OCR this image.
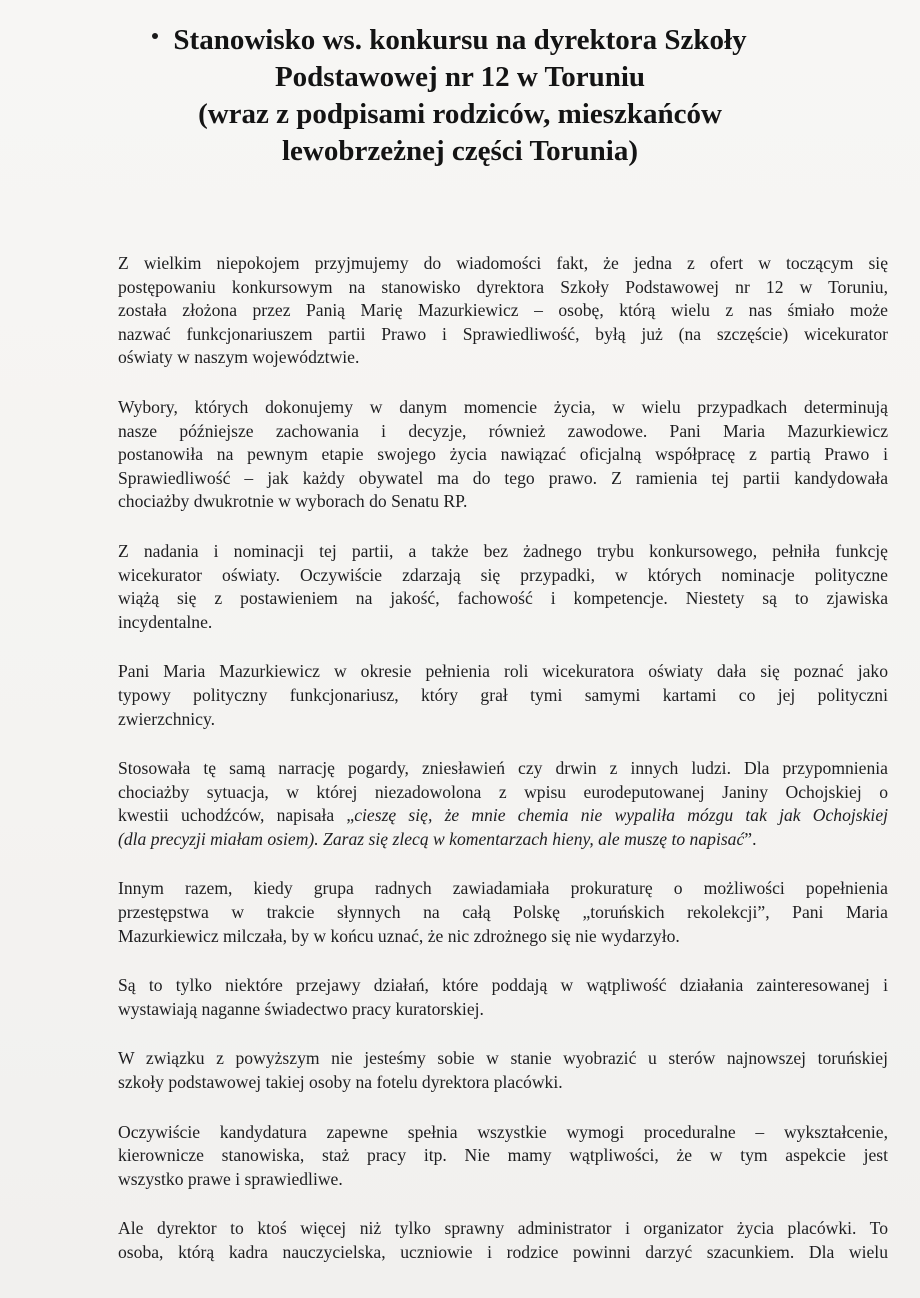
Stanowisko ws. konkursu na dyrektora Szkoły
Podstawowej nr 12 w Toruniu
(wraz z podpisami rodziców, mieszkańców
lewobrzeżnej części Torunia)

Z wielkim niepokojem przyjmujemy do wiadomości fakt, że jedna z ofert w toczącym się
postępowaniu konkursowym na stanowisko dyrektora Szkoły Podstawowej nr 12 w Toruniu,
została złożona przez Panią Marię Mazurkiewicz – osobę, którą wielu z nas śmiało może
nazwać funkcjonariuszem partii Prawo i Sprawiedliwość, byłą już (na szczęście) wicekurator
oświaty w naszym województwie.

Wybory, których dokonujemy w danym momencie życia, w wielu przypadkach determinują
nasze późniejsze zachowania i decyzje, również zawodowe. Pani Maria Mazurkiewicz
postanowiła na pewnym etapie swojego życia nawiązać oficjalną współpracę z partią Prawo i
Sprawiedliwość – jak każdy obywatel ma do tego prawo. Z ramienia tej partii kandydowała
chociażby dwukrotnie w wyborach do Senatu RP.

Z nadania i nominacji tej partii, a także bez żadnego trybu konkursowego, pełniła funkcję
wicekurator oświaty. Oczywiście zdarzają się przypadki, w których nominacje polityczne
wiążą się z postawieniem na jakość, fachowość i kompetencje. Niestety są to zjawiska
incydentalne.

Pani Maria Mazurkiewicz w okresie pełnienia roli wicekuratora oświaty dała się poznać jako
typowy polityczny funkcjonariusz, który grał tymi samymi kartami co jej polityczni
zwierzchnicy.

Stosowała tę samą narrację pogardy, zniesławień czy drwin z innych ludzi. Dla przypomnienia
chociażby sytuacja, w której niezadowolona z wpisu eurodeputowanej Janiny Ochojskiej o
kwestii uchodźców, napisała „cieszę się, że mnie chemia nie wypaliła mózgu tak jak Ochojskiej
(dla precyzji miałam osiem). Zaraz się zlecą w komentarzach hieny, ale muszę to napisać”.

Innym razem, kiedy grupa radnych zawiadamiała prokuraturę o możliwości popełnienia
przestępstwa w trakcie słynnych na całą Polskę „toruńskich rekolekcji”, Pani Maria
Mazurkiewicz milczała, by w końcu uznać, że nic zdrożnego się nie wydarzyło.

Są to tylko niektóre przejawy działań, które poddają w wątpliwość działania zainteresowanej i
wystawiają naganne świadectwo pracy kuratorskiej.

W związku z powyższym nie jesteśmy sobie w stanie wyobrazić u sterów najnowszej toruńskiej
szkoły podstawowej takiej osoby na fotelu dyrektora placówki.

Oczywiście kandydatura zapewne spełnia wszystkie wymogi proceduralne – wykształcenie,
kierownicze stanowiska, staż pracy itp. Nie mamy wątpliwości, że w tym aspekcie jest
wszystko prawe i sprawiedliwe.

Ale dyrektor to ktoś więcej niż tylko sprawny administrator i organizator życia placówki. To
osoba, którą kadra nauczycielska, uczniowie i rodzice powinni darzyć szacunkiem. Dla wielu
